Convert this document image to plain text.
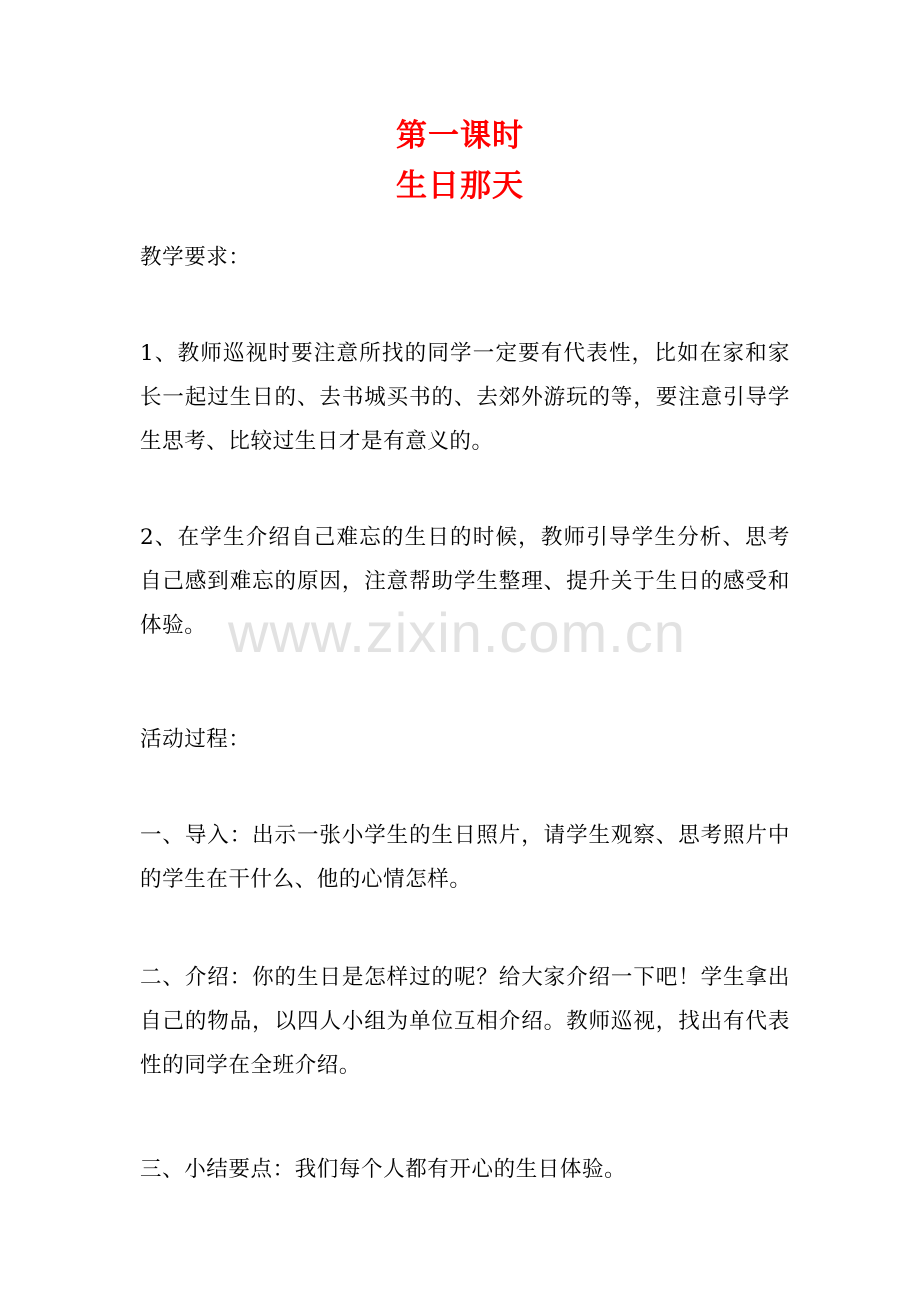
第一课时
生日那天

教学要求：

1、教师巡视时要注意所找的同学一定要有代表性，比如在家和家长一起过生日的、去书城买书的、去郊外游玩的等，要注意引导学生思考、比较过生日才是有意义的。

2、在学生介绍自己难忘的生日的时候，教师引导学生分析、思考自己感到难忘的原因，注意帮助学生整理、提升关于生日的感受和体验。

活动过程：

一、导入：出示一张小学生的生日照片，请学生观察、思考照片中的学生在干什么、他的心情怎样。

二、介绍：你的生日是怎样过的呢？给大家介绍一下吧！学生拿出自己的物品，以四人小组为单位互相介绍。教师巡视，找出有代表性的同学在全班介绍。

三、小结要点：我们每个人都有开心的生日体验。

www.zixin.com.cn
